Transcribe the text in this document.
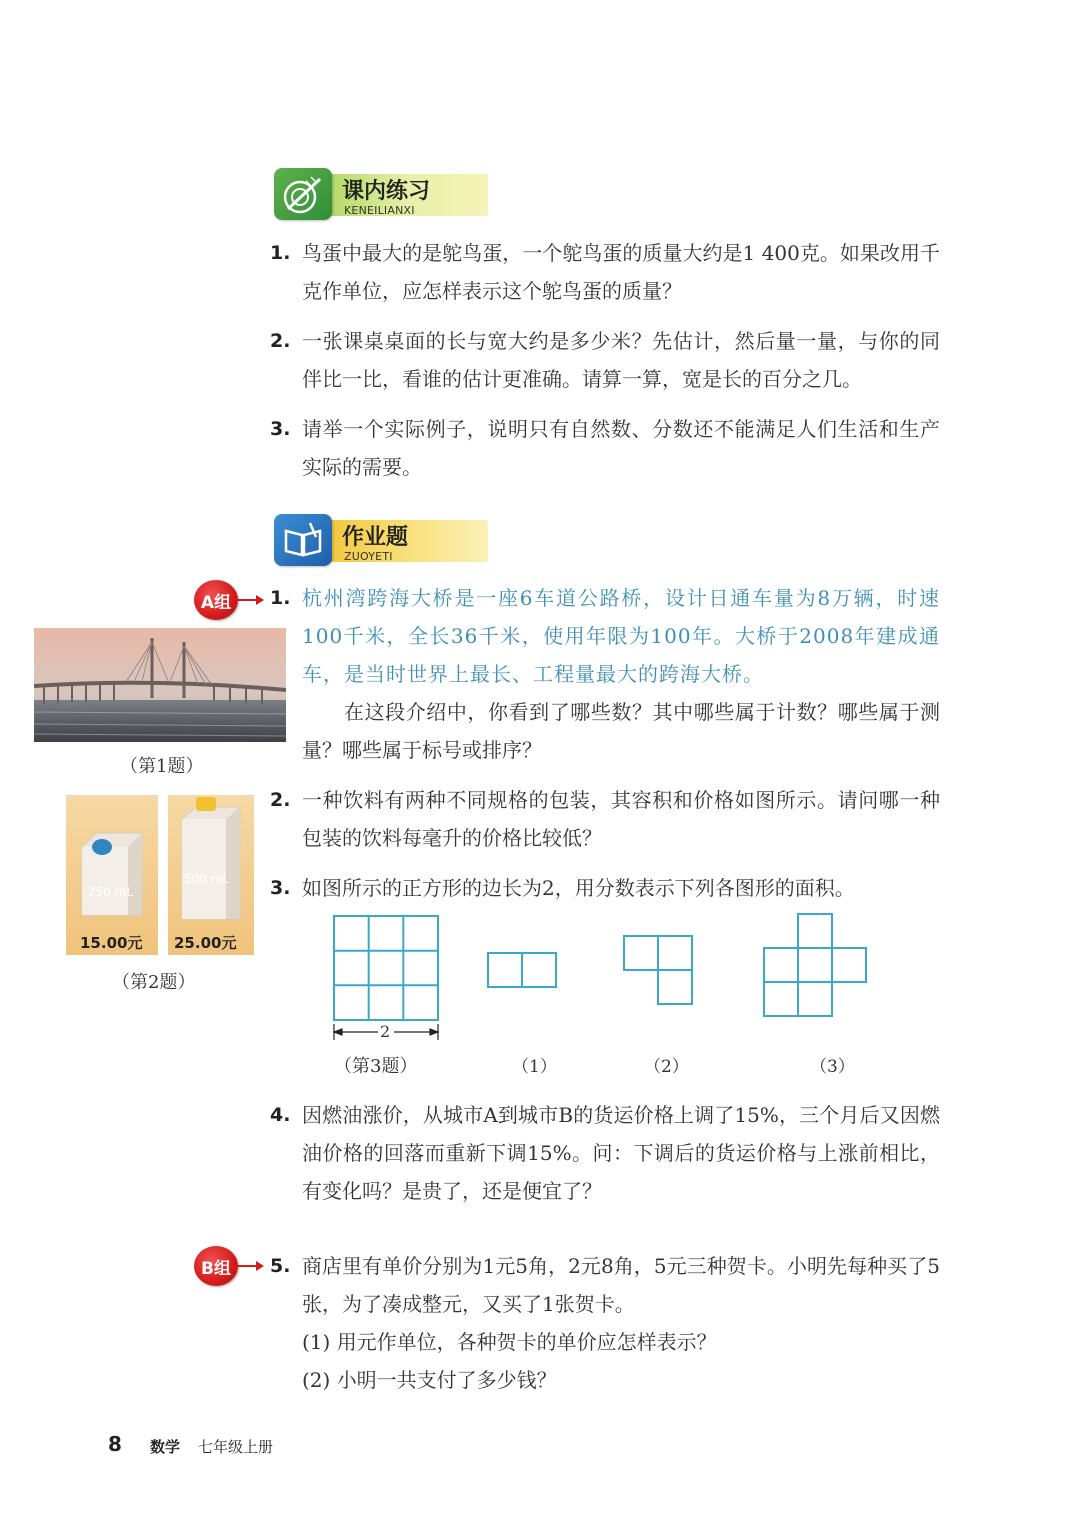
课内练习
KENEILIANXI
1. 鸟蛋中最大的是鸵鸟蛋，一个鸵鸟蛋的质量大约是1 400克。如果改用千克作单位，应怎样表示这个鸵鸟蛋的质量？
2. 一张课桌桌面的长与宽大约是多少米？先估计，然后量一量，与你的同伴比一比，看谁的估计更准确。请算一算，宽是长的百分之几。
3. 请举一个实际例子，说明只有自然数、分数还不能满足人们生活和生产实际的需要。
作业题
ZUOYETI
A组
（第1题）
1. 杭州湾跨海大桥是一座6车道公路桥，设计日通车量为8万辆，时速100千米，全长36千米，使用年限为100年。大桥于2008年建成通车，是当时世界上最长、工程量最大的跨海大桥。
在这段介绍中，你看到了哪些数？其中哪些属于计数？哪些属于测量？哪些属于标号或排序？
250 mL
15.00元
500 mL
25.00元
（第2题）
2. 一种饮料有两种不同规格的包装，其容积和价格如图所示。请问哪一种包装的饮料每毫升的价格比较低？
3. 如图所示的正方形的边长为2，用分数表示下列各图形的面积。
2
（第3题）	（1）	（2）	（3）
4. 因燃油涨价，从城市A到城市B的货运价格上调了15%，三个月后又因燃油价格的回落而重新下调15%。问：下调后的货运价格与上涨前相比，有变化吗？是贵了，还是便宜了？
B组	5. 商店里有单价分别为1元5角，2元8角，5元三种贺卡。小明先每种买了5张，为了凑成整元，又买了1张贺卡。
(1) 用元作单位，各种贺卡的单价应怎样表示？
(2) 小明一共支付了多少钱？
8 数学 七年级上册
